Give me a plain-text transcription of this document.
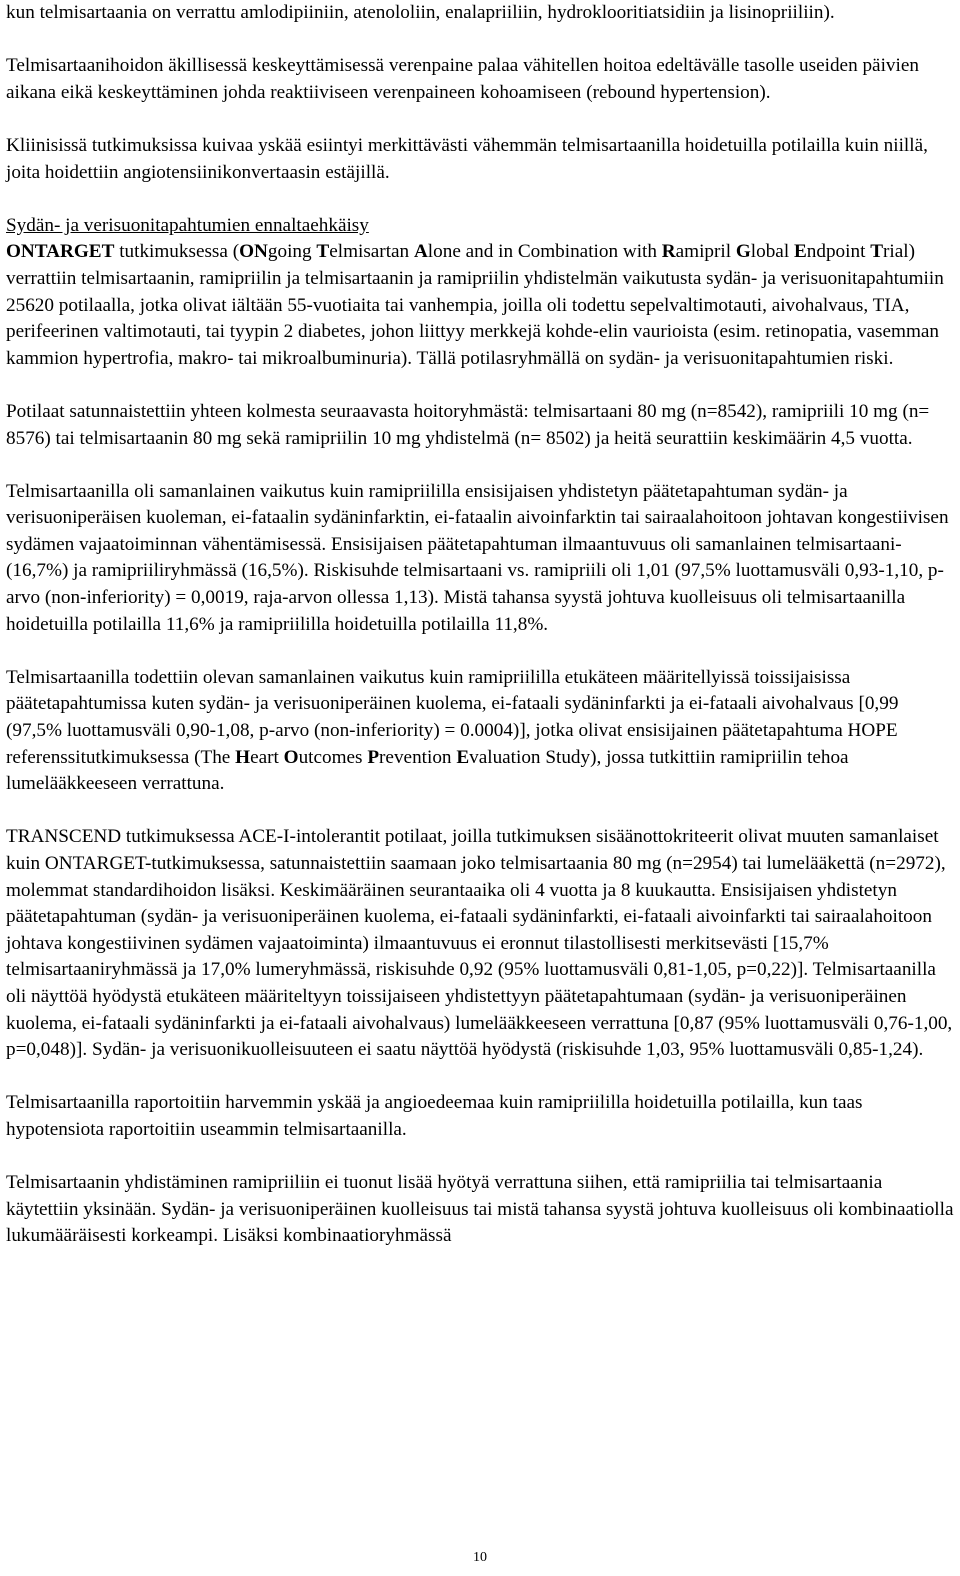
kun telmisartaania on verrattu amlodipiiniin, atenololiin, enalapriiliin, hydroklooritiatsidiin ja lisinopriiliin).

Telmisartaanihoidon äkillisessä keskeyttämisessä verenpaine palaa vähitellen hoitoa edeltävälle tasolle useiden päivien aikana eikä keskeyttäminen johda reaktiiviseen verenpaineen kohoamiseen (rebound hypertension).

Kliinisissä tutkimuksissa kuivaa yskää esiintyi merkittävästi vähemmän telmisartaanilla hoidetuilla potilailla kuin niillä, joita hoidettiin angiotensiinikonvertaasin estäjillä.

Sydän- ja verisuonitapahtumien ennaltaehkäisy
ONTARGET tutkimuksessa (ONgoing Telmisartan Alone and in Combination with Ramipril Global Endpoint Trial) verrattiin telmisartaanin, ramipriilin ja telmisartaanin ja ramipriilin yhdistelmän vaikutusta sydän- ja verisuonitapahtumiin 25620 potilaalla, jotka olivat iältään 55-vuotiaita tai vanhempia, joilla oli todettu sepelvaltimotauti, aivohalvaus, TIA, perifeerinen valtimotauti, tai tyypin 2 diabetes, johon liittyy merkkejä kohde-elin vaurioista (esim. retinopatia, vasemman kammion hypertrofia, makro- tai mikroalbuminuria). Tällä potilasryhmällä on sydän- ja verisuonitapahtumien riski.

Potilaat satunnaistettiin yhteen kolmesta seuraavasta hoitoryhmästä: telmisartaani 80 mg (n=8542), ramipriili 10 mg (n= 8576) tai telmisartaanin 80 mg sekä ramipriilin 10 mg yhdistelmä (n= 8502) ja heitä seurattiin keskimäärin 4,5 vuotta.

Telmisartaanilla oli samanlainen vaikutus kuin ramipriililla ensisijaisen yhdistetyn päätetapahtuman sydän- ja verisuoniperäisen kuoleman, ei-fataalin sydäninfarktin, ei-fataalin aivoinfarktin tai sairaalahoitoon johtavan kongestiivisen sydämen vajaatoiminnan vähentämisessä. Ensisijaisen päätetapahtuman ilmaantuvuus oli samanlainen telmisartaani- (16,7%) ja ramipriiliryhmässä (16,5%). Riskisuhde telmisartaani vs. ramipriili oli 1,01 (97,5% luottamusväli 0,93-1,10, p-arvo (non-inferiority) = 0,0019, raja-arvon ollessa 1,13). Mistä tahansa syystä johtuva kuolleisuus oli telmisartaanilla hoidetuilla potilailla 11,6% ja ramipriililla hoidetuilla potilailla 11,8%.

Telmisartaanilla todettiin olevan samanlainen vaikutus kuin ramipriililla etukäteen määritellyissä toissijaisissa päätetapahtumissa kuten sydän- ja verisuoniperäinen kuolema, ei-fataali sydäninfarkti ja ei-fataali aivohalvaus [0,99 (97,5% luottamusväli 0,90-1,08, p-arvo (non-inferiority) = 0.0004)], jotka olivat ensisijainen päätetapahtuma HOPE referenssitutkimuksessa (The Heart Outcomes Prevention Evaluation Study), jossa tutkittiin ramipriilin tehoa lumelääkkeeseen verrattuna.

TRANSCEND tutkimuksessa ACE-I-intolerantit potilaat, joilla tutkimuksen sisäänottokriteerit olivat muuten samanlaiset kuin ONTARGET-tutkimuksessa, satunnaistettiin saamaan joko telmisartaania 80 mg (n=2954) tai lumelääkettä (n=2972), molemmat standardihoidon lisäksi. Keskimääräinen seurantaaika oli 4 vuotta ja 8 kuukautta. Ensisijaisen yhdistetyn päätetapahtuman (sydän- ja verisuoniperäinen kuolema, ei-fataali sydäninfarkti, ei-fataali aivoinfarkti tai sairaalahoitoon johtava kongestiivinen sydämen vajaatoiminta) ilmaantuvuus ei eronnut tilastollisesti merkitsevästi [15,7% telmisartaaniryhmässä ja 17,0% lumeryhmässä, riskisuhde 0,92 (95% luottamusväli 0,81-1,05, p=0,22)]. Telmisartaanilla oli näyttöä hyödystä etukäteen määriteltyyn toissijaiseen yhdistettyyn päätetapahtumaan (sydän- ja verisuoniperäinen kuolema, ei-fataali sydäninfarkti ja ei-fataali aivohalvaus) lumelääkkeeseen verrattuna [0,87 (95% luottamusväli 0,76-1,00, p=0,048)]. Sydän- ja verisuonikuolleisuuteen ei saatu näyttöä hyödystä (riskisuhde 1,03, 95% luottamusväli 0,85-1,24).

Telmisartaanilla raportoitiin harvemmin yskää ja angioedeemaa kuin ramipriililla hoidetuilla potilailla, kun taas hypotensiota raportoitiin useammin telmisartaanilla.

Telmisartaanin yhdistäminen ramipriiliin ei tuonut lisää hyötyä verrattuna siihen, että ramipriilia tai telmisartaania käytettiin yksinään. Sydän- ja verisuoniperäinen kuolleisuus tai mistä tahansa syystä johtuva kuolleisuus oli kombinaatiolla lukumääräisesti korkeampi. Lisäksi kombinaatioryhmässä

10
